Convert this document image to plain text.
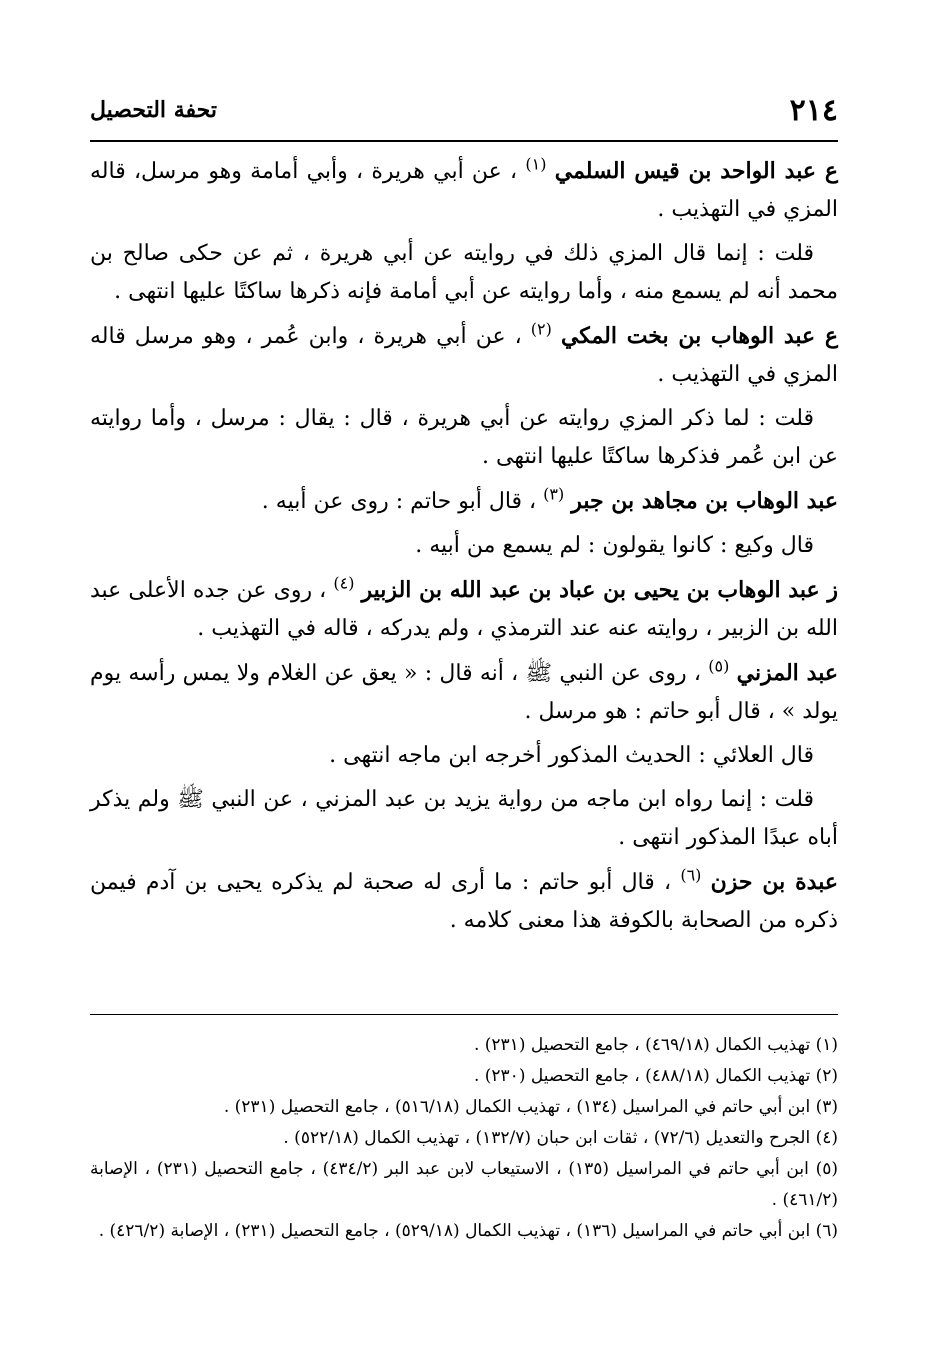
٢١٤
تحفة التحصيل

ع عبد الواحد بن قيس السلمي $^{(١)}$ ، عن أبي هريرة ، وأبي أمامة وهو مرسل، قاله المزي في التهذيب .

قلت : إنما قال المزي ذلك في روايته عن أبي هريرة ، ثم عن حكى صالح بن محمد أنه لم يسمع منه ، وأما روايته عن أبي أمامة فإنه ذكرها ساكتًا عليها انتهى .

ع عبد الوهاب بن بخت المكي $^{(٢)}$ ، عن أبي هريرة ، وابن عُمر ، وهو مرسل قاله المزي في التهذيب .

قلت : لما ذكر المزي روايته عن أبي هريرة ، قال : يقال : مرسل ، وأما روايته عن ابن عُمر فذكرها ساكتًا عليها انتهى .

عبد الوهاب بن مجاهد بن جبر $^{(٣)}$ ، قال أبو حاتم : روى عن أبيه .

قال وكيع : كانوا يقولون : لم يسمع من أبيه .

ز عبد الوهاب بن يحيى بن عباد بن عبد الله بن الزبير $^{(٤)}$ ، روى عن جده الأعلى عبد الله بن الزبير ، روايته عنه عند الترمذي ، ولم يدركه ، قاله في التهذيب .

عبد المزني $^{(٥)}$ ، روى عن النبي ﷺ ، أنه قال : « يعق عن الغلام ولا يمس رأسه يوم يولد » ، قال أبو حاتم : هو مرسل .

قال العلائي : الحديث المذكور أخرجه ابن ماجه انتهى .

قلت : إنما رواه ابن ماجه من رواية يزيد بن عبد المزني ، عن النبي ﷺ ولم يذكر أباه عبدًا المذكور انتهى .

عبدة بن حزن $^{(٦)}$ ، قال أبو حاتم : ما أرى له صحبة لم يذكره يحيى بن آدم فيمن ذكره من الصحابة بالكوفة هذا معنى كلامه .

(١) تهذيب الكمال (٤٦٩/١٨) ، جامع التحصيل (٢٣١) .

(٢) تهذيب الكمال (٤٨٨/١٨) ، جامع التحصيل (٢٣٠) .

(٣) ابن أبي حاتم في المراسيل (١٣٤) ، تهذيب الكمال (٥١٦/١٨) ، جامع التحصيل (٢٣١) .

(٤) الجرح والتعديل (٧٢/٦) ، ثقات ابن حبان (١٣٢/٧) ، تهذيب الكمال (٥٢٢/١٨) .

(٥) ابن أبي حاتم في المراسيل (١٣٥) ، الاستيعاب لابن عبد البر (٤٣٤/٢) ، جامع التحصيل (٢٣١) ، الإصابة (٤٦١/٢) .

(٦) ابن أبي حاتم في المراسيل (١٣٦) ، تهذيب الكمال (٥٢٩/١٨) ، جامع التحصيل (٢٣١) ، الإصابة (٤٢٦/٢) .
